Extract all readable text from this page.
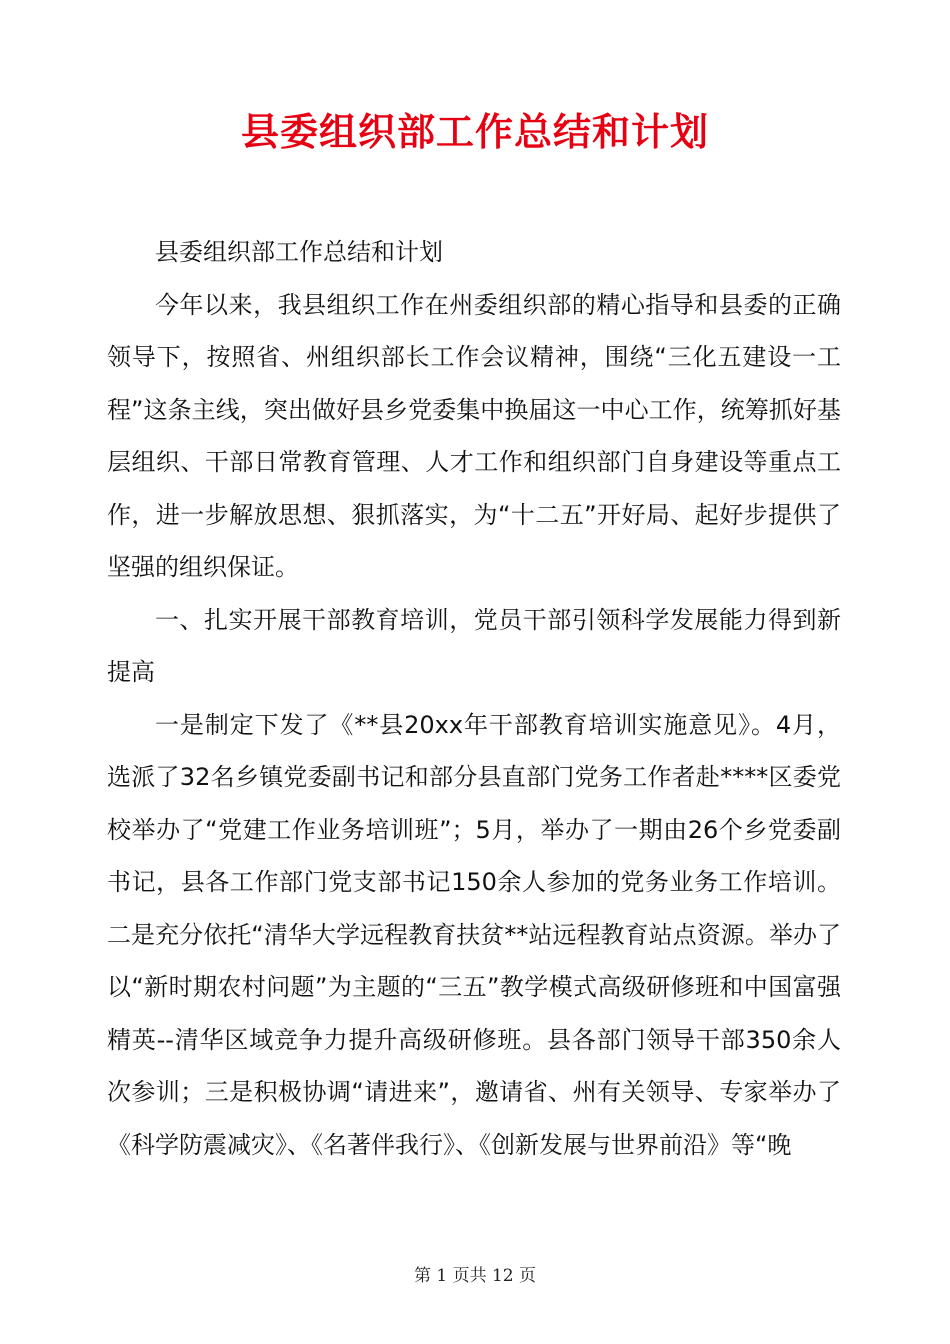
县委组织部工作总结和计划

县委组织部工作总结和计划

今年以来，我县组织工作在州委组织部的精心指导和县委的正确领导下，按照省、州组织部长工作会议精神，围绕“三化五建设一工程”这条主线，突出做好县乡党委集中换届这一中心工作，统筹抓好基层组织、干部日常教育管理、人才工作和组织部门自身建设等重点工作，进一步解放思想、狠抓落实，为“十二五”开好局、起好步提供了坚强的组织保证。

一、扎实开展干部教育培训，党员干部引领科学发展能力得到新提高

一是制定下发了《**县20xx年干部教育培训实施意见》。4月，选派了32名乡镇党委副书记和部分县直部门党务工作者赴****区委党校举办了“党建工作业务培训班”；5月，举办了一期由26个乡党委副书记，县各工作部门党支部书记150余人参加的党务业务工作培训。二是充分依托“清华大学远程教育扶贫**站远程教育站点资源。举办了以“新时期农村问题”为主题的“三五”教学模式高级研修班和中国富强精英--清华区域竞争力提升高级研修班。县各部门领导干部350余人次参训；三是积极协调“请进来”，邀请省、州有关领导、专家举办了《科学防震减灾》、《名著伴我行》、《创新发展与世界前沿》等“晚

第 1 页共 12 页
